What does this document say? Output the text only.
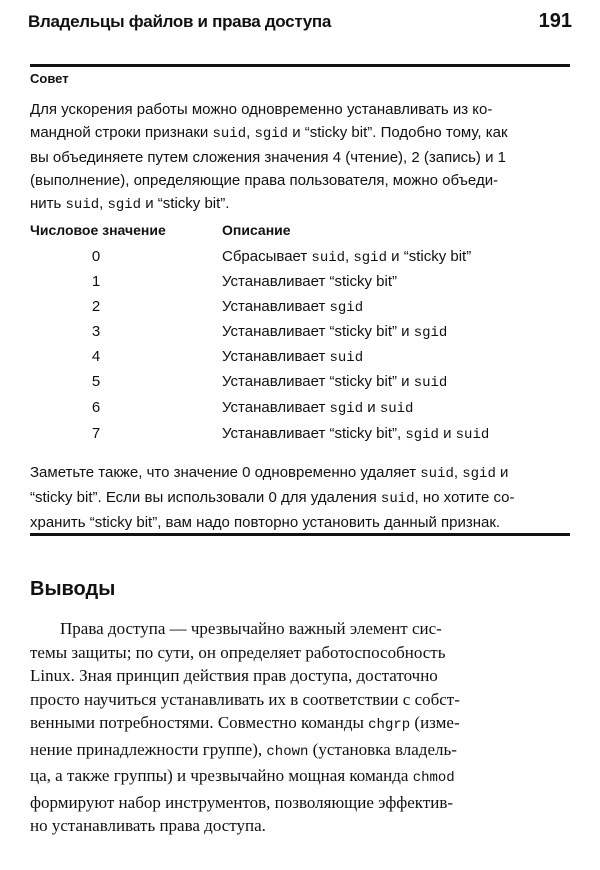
Владельцы файлов и права доступа	191
Совет
Для ускорения работы можно одновременно устанавливать из ко-
мандной строки признаки suid, sgid и “sticky bit”. Подобно тому, как
вы объединяете путем сложения значения 4 (чтение), 2 (запись) и 1
(выполнение), определяющие права пользователя, можно объеди-
нить suid, sgid и “sticky bit”.
Числовое значение	Описание
0	Сбрасывает suid, sgid и “sticky bit”
1	Устанавливает “sticky bit”
2	Устанавливает sgid
3	Устанавливает “sticky bit” и sgid
4	Устанавливает suid
5	Устанавливает “sticky bit” и suid
6	Устанавливает sgid и suid
7	Устанавливает “sticky bit”, sgid и suid
Заметьте также, что значение 0 одновременно удаляет suid, sgid и
“sticky bit”. Если вы использовали 0 для удаления suid, но хотите со-
хранить “sticky bit”, вам надо повторно установить данный признак.
Выводы
Права доступа — чрезвычайно важный элемент сис-
темы защиты; по сути, он определяет работоспособность
Linux. Зная принцип действия прав доступа, достаточно
просто научиться устанавливать их в соответствии с собст-
венными потребностями. Совместно команды chgrp (изме-
нение принадлежности группе), chown (установка владель-
ца, а также группы) и чрезвычайно мощная команда chmod
формируют набор инструментов, позволяющие эффектив-
но устанавливать права доступа.
